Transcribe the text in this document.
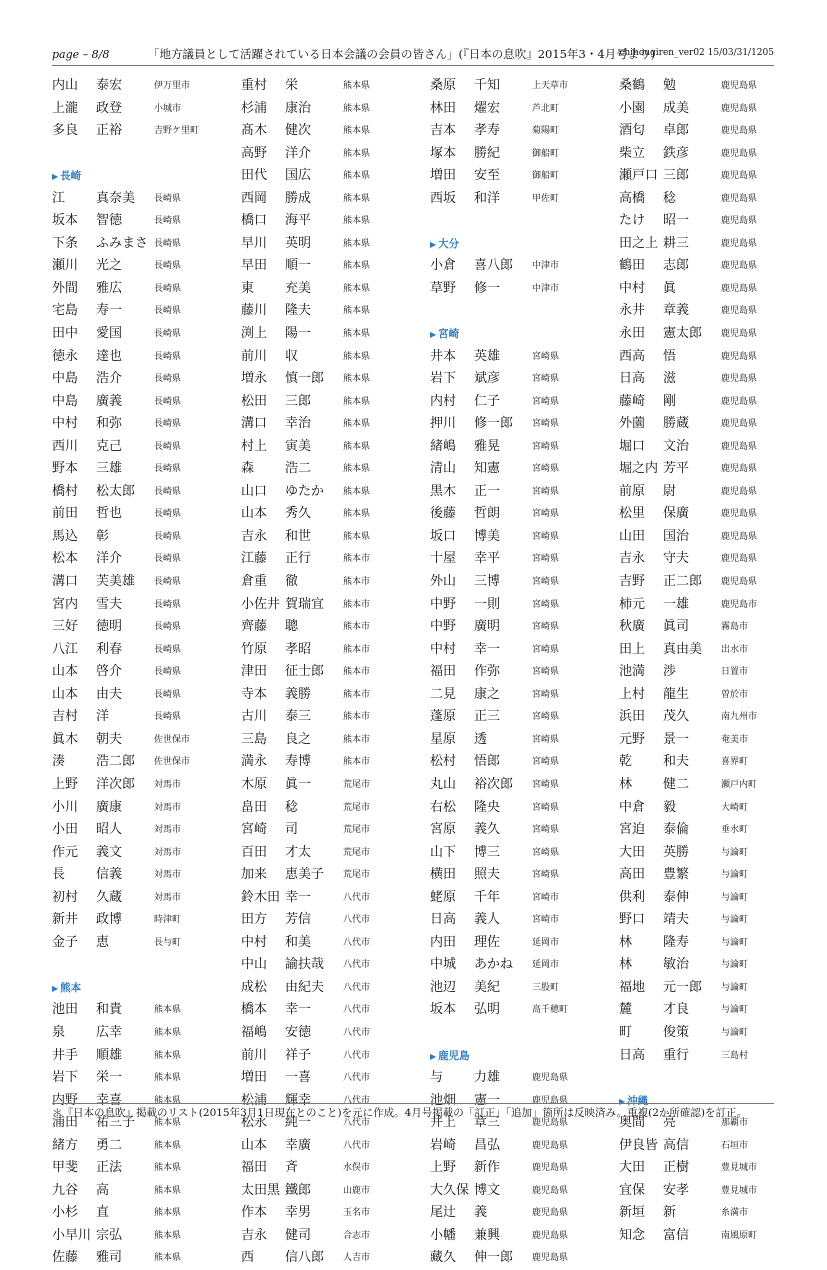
page – 8/8	「地方議員として活躍されている日本会議の会員の皆さん」(『日本の息吹』2015年3・4月号より)
chihougiren_ver02 15/03/31/1205
内山 泰宏	伊万里市
上瀧 政登	小城市
多良 正裕	吉野ケ里町
▶ 長崎
江 真奈美 長崎県
坂本 智徳	長崎県
下条 ふみまさ 長崎県
瀬川 光之	長崎県
外間 雅広	長崎県
宅島 寿一	長崎県
田中 愛国	長崎県
徳永 達也	長崎県
中島 浩介	長崎県
中島 廣義	長崎県
中村 和弥	長崎県
西川 克己	長崎県
野本 三雄	長崎県
橋村 松太郎 長崎県
前田 哲也	長崎県
馬込 彰	長崎県
松本 洋介	長崎県
溝口 芙美雄 長崎県
宮内 雪夫	長崎県
三好 徳明	長崎県
八江 利春	長崎県
山本 啓介	長崎県
山本 由夫	長崎県
吉村 洋	長崎県
眞木 朝夫	佐世保市
湊 浩二郎 佐世保市
上野 洋次郎 対馬市
小川 廣康	対馬市
小田 昭人	対馬市
作元 義文	対馬市
長 信義	対馬市
初村 久蔵	対馬市
新井 政博	時津町
金子 恵	長与町
▶ 熊本
池田 和貴	熊本県
泉 広幸	熊本県
井手 順雄	熊本県
岩下 栄一	熊本県
内野 幸喜	熊本県
浦田 祐三子 熊本県
緒方 勇二	熊本県
甲斐 正法	熊本県
九谷 高	熊本県
小杉 直	熊本県
小早川 宗弘	熊本県
佐藤 雅司	熊本県
重村 栄	熊本県
杉浦 康治	熊本県
髙木 健次	熊本県
高野 洋介	熊本県
田代 国広	熊本県
西岡 勝成	熊本県
橋口 海平	熊本県
早川 英明	熊本県
早田 順一	熊本県
東 充美	熊本県
藤川 隆夫	熊本県
渕上 陽一	熊本県
前川 収	熊本県
増永 慎一郎 熊本県
松田 三郎	熊本県
溝口 幸治	熊本県
村上 寅美	熊本県
森 浩二	熊本県
山口 ゆたか 熊本県
山本 秀久	熊本県
吉永 和世	熊本県
江藤 正行	熊本市
倉重 徹	熊本市
小佐井 賀瑞宜 熊本市
齊藤 聰	熊本市
竹原 孝昭	熊本市
津田 征士郎 熊本市
寺本 義勝	熊本市
古川 泰三	熊本市
三島 良之	熊本市
満永 寿博	熊本市
木原 眞一	荒尾市
畠田 稔	荒尾市
宮崎 司	荒尾市
百田 才太	荒尾市
加来 恵美子 荒尾市
鈴木田 幸一	八代市
田方 芳信	八代市
中村 和美	八代市
中山 諭扶哉 八代市
成松 由紀夫 八代市
橋本 幸一	八代市
福嶋 安徳	八代市
前川 祥子	八代市
増田 一喜	八代市
松浦 輝幸	八代市
松永 純一	八代市
山本 幸廣	八代市
福田 斉	水俣市
太田黒 鐵郎	山鹿市
作本 幸男	玉名市
吉永 健司	合志市
西 信八郎 人吉市
桑原 千知	上天草市
林田 燿宏	芦北町
吉本 孝寿	菊陽町
塚本 勝紀	御船町
増田 安至	御船町
西坂 和洋	甲佐町
▶ 大分
小倉 喜八郎 中津市
草野 修一	中津市
▶ 宮崎
井本 英雄	宮崎県
岩下 斌彦	宮崎県
内村 仁子	宮崎県
押川 修一郎 宮崎県
緒嶋 雅晃	宮崎県
清山 知憲	宮崎県
黒木 正一	宮崎県
後藤 哲朗	宮崎県
坂口 博美	宮崎県
十屋 幸平	宮崎県
外山 三博	宮崎県
中野 一則	宮崎県
中野 廣明	宮崎県
中村 幸一	宮崎県
福田 作弥	宮崎県
二見 康之	宮崎県
蓬原 正三	宮崎県
星原 透	宮崎県
松村 悟郎	宮崎県
丸山 裕次郎 宮崎県
右松 隆央	宮崎県
宮原 義久	宮崎県
山下 博三	宮崎県
横田 照夫	宮崎県
蛯原 千年	宮崎市
日高 義人	宮崎市
内田 理佐	延岡市
中城 あかね 延岡市
池辺 美紀	三股町
坂本 弘明	高千穂町
▶ 鹿児島
与 力雄	鹿児島県
池畑 憲一	鹿児島県
井上 章三	鹿児島県
岩崎 昌弘	鹿児島県
上野 新作	鹿児島県
大久保 博文	鹿児島県
尾辻 義	鹿児島県
小幡 兼興	鹿児島県
藏久 伸一郎 鹿児島県
桑鶴 勉	鹿児島県
小園 成美	鹿児島県
酒匂 卓郎	鹿児島県
柴立 鉄彦	鹿児島県
瀬戸口 三郎	鹿児島県
高橋 稔	鹿児島県
たけ 昭一	鹿児島県
田之上 耕三	鹿児島県
鶴田 志郎	鹿児島県
中村 眞	鹿児島県
永井 章義	鹿児島県
永田 憲太郎 鹿児島県
西高 悟	鹿児島県
日高 滋	鹿児島県
藤崎 剛	鹿児島県
外薗 勝蔵	鹿児島県
堀口 文治	鹿児島県
堀之内 芳平	鹿児島県
前原 尉	鹿児島県
松里 保廣	鹿児島県
山田 国治	鹿児島県
吉永 守夫	鹿児島県
吉野 正二郎 鹿児島県
柿元 一雄	鹿児島市
秋廣 眞司	霧島市
田上 真由美 出水市
池満 渉	日置市
上村 龍生	曽於市
浜田 茂久	南九州市
元野 景一	奄美市
乾 和夫	喜界町
林 健二	瀬戸内町
中倉 毅	大崎町
宮迫 泰倫	垂水町
大田 英勝	与論町
高田 豊繁	与論町
供利 泰伸	与論町
野口 靖夫	与論町
林 隆寿	与論町
林 敏治	与論町
福地 元一郎 与論町
麓 才良	与論町
町 俊策	与論町
日高 重行	三島村
▶ 沖縄
奥間 亮	那覇市
伊良皆 高信	石垣市
大田 正樹	豊見城市
宜保 安孝	豊見城市
新垣 新	糸満市
知念 富信	南風原町
＊『日本の息吹』掲載のリスト(2015年3月1日現在とのこと)を元に作成。4月号掲載の「訂正」「追加」箇所は反映済み。重複(2か所確認)を訂正。
